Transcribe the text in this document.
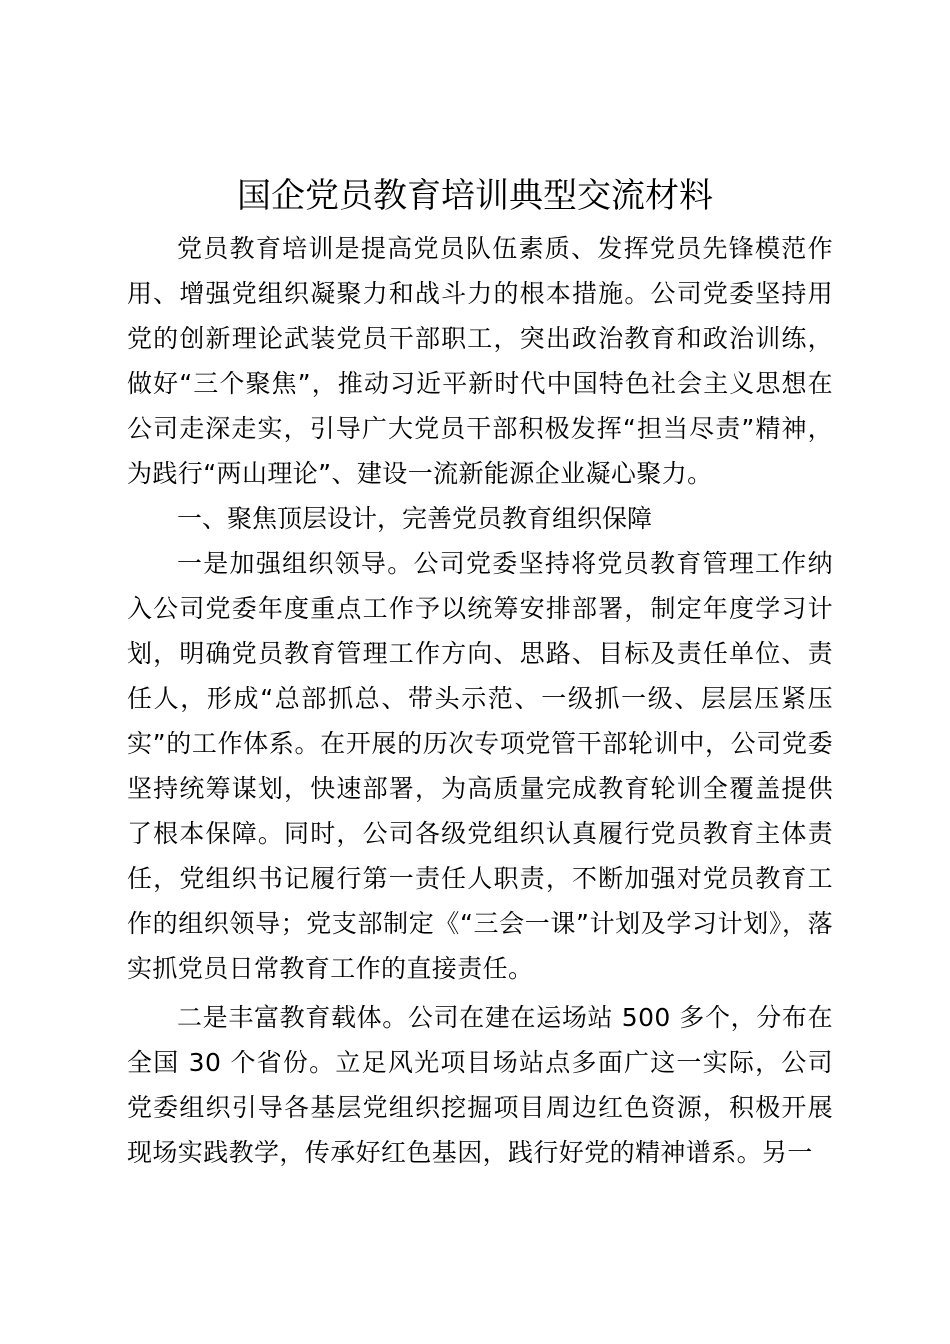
国企党员教育培训典型交流材料

党员教育培训是提高党员队伍素质、发挥党员先锋模范作用、增强党组织凝聚力和战斗力的根本措施。公司党委坚持用党的创新理论武装党员干部职工，突出政治教育和政治训练，做好“三个聚焦”，推动习近平新时代中国特色社会主义思想在公司走深走实，引导广大党员干部积极发挥“担当尽责”精神，为践行“两山理论”、建设一流新能源企业凝心聚力。

一、聚焦顶层设计，完善党员教育组织保障

一是加强组织领导。公司党委坚持将党员教育管理工作纳入公司党委年度重点工作予以统筹安排部署，制定年度学习计划，明确党员教育管理工作方向、思路、目标及责任单位、责任人，形成“总部抓总、带头示范、一级抓一级、层层压紧压实”的工作体系。在开展的历次专项党管干部轮训中，公司党委坚持统筹谋划，快速部署，为高质量完成教育轮训全覆盖提供了根本保障。同时，公司各级党组织认真履行党员教育主体责任，党组织书记履行第一责任人职责，不断加强对党员教育工作的组织领导；党支部制定《“三会一课”计划及学习计划》，落实抓党员日常教育工作的直接责任。

二是丰富教育载体。公司在建在运场站 500 多个，分布在全国 30 个省份。立足风光项目场站点多面广这一实际，公司党委组织引导各基层党组织挖掘项目周边红色资源，积极开展现场实践教学，传承好红色基因，践行好党的精神谱系。另一
